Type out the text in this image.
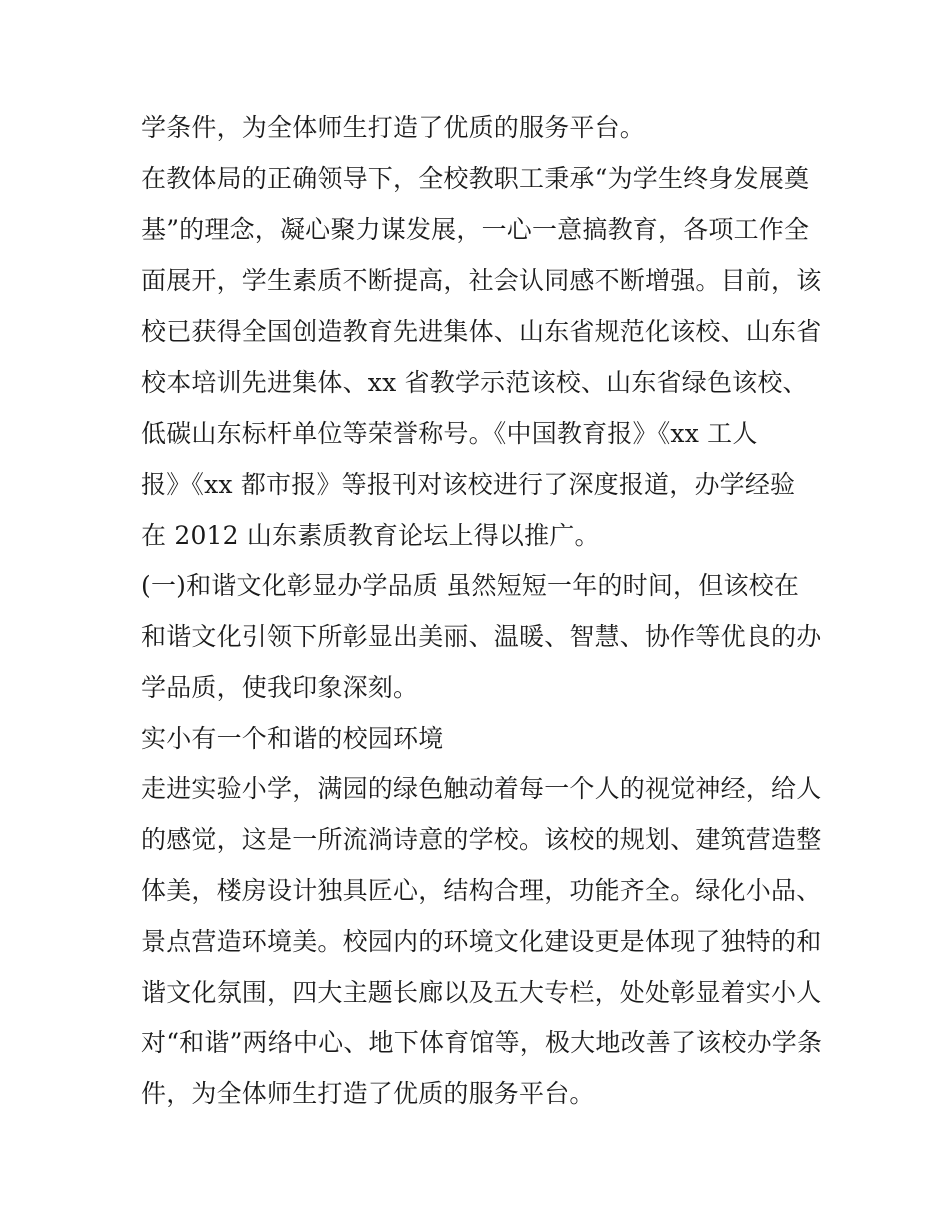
学条件，为全体师生打造了优质的服务平台。

在教体局的正确领导下，全校教职工秉承“为学生终身发展奠

基”的理念，凝心聚力谋发展，一心一意搞教育，各项工作全

面展开，学生素质不断提高，社会认同感不断增强。目前，该

校已获得全国创造教育先进集体、山东省规范化该校、山东省

校本培训先进集体、xx 省教学示范该校、山东省绿色该校、

低碳山东标杆单位等荣誉称号。《中国教育报》《xx 工人

报》《xx 都市报》等报刊对该校进行了深度报道，办学经验

在 2012 山东素质教育论坛上得以推广。

(一)和谐文化彰显办学品质 虽然短短一年的时间，但该校在

和谐文化引领下所彰显出美丽、温暖、智慧、协作等优良的办

学品质，使我印象深刻。

实小有一个和谐的校园环境

走进实验小学，满园的绿色触动着每一个人的视觉神经，给人

的感觉，这是一所流淌诗意的学校。该校的规划、建筑营造整

体美，楼房设计独具匠心，结构合理，功能齐全。绿化小品、

景点营造环境美。校园内的环境文化建设更是体现了独特的和

谐文化氛围，四大主题长廊以及五大专栏，处处彰显着实小人

对“和谐”两络中心、地下体育馆等，极大地改善了该校办学条

件，为全体师生打造了优质的服务平台。
